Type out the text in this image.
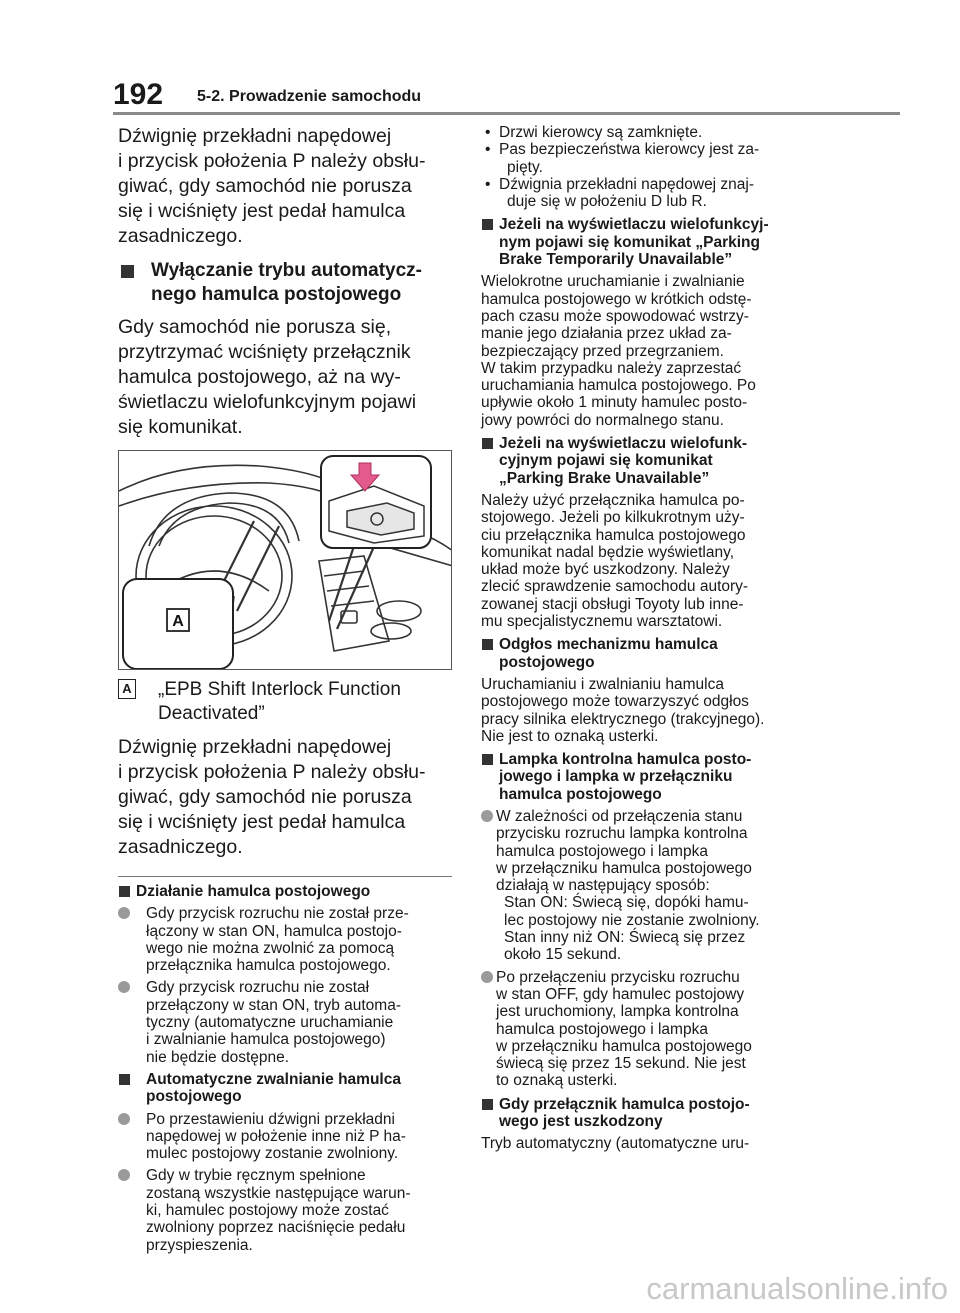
192 5-2. Prowadzenie samochodu
Dźwignię przekładni napędowej
i przycisk położenia P należy obsłu-
giwać, gdy samochód nie porusza
się i wciśnięty jest pedał hamulca
zasadniczego.
Wyłączanie trybu automatycz-
nego hamulca postojowego
Gdy samochód nie porusza się,
przytrzymać wciśnięty przełącznik
hamulca postojowego, aż na wy-
świetlaczu wielofunkcyjnym pojawi
się komunikat.
A
A „EPB Shift Interlock Function
Deactivated”
Dźwignię przekładni napędowej
i przycisk położenia P należy obsłu-
giwać, gdy samochód nie porusza
się i wciśnięty jest pedał hamulca
zasadniczego.
Działanie hamulca postojowego
Gdy przycisk rozruchu nie został prze-
łączony w stan ON, hamulca postojo-
wego nie można zwolnić za pomocą
przełącznika hamulca postojowego.
Gdy przycisk rozruchu nie został
przełączony w stan ON, tryb automa-
tyczny (automatyczne uruchamianie
i zwalnianie hamulca postojowego)
nie będzie dostępne.
Automatyczne zwalnianie hamulca
postojowego
Po przestawieniu dźwigni przekładni
napędowej w położenie inne niż P ha-
mulec postojowy zostanie zwolniony.
Gdy w trybie ręcznym spełnione
zostaną wszystkie następujące warun-
ki, hamulec postojowy może zostać
zwolniony poprzez naciśnięcie pedału
przyspieszenia.
• Drzwi kierowcy są zamknięte.
• Pas bezpieczeństwa kierowcy jest za-
pięty.
• Dźwignia przekładni napędowej znaj-
duje się w położeniu D lub R.
Jeżeli na wyświetlaczu wielofunkcyj-
nym pojawi się komunikat „Parking
Brake Temporarily Unavailable”
Wielokrotne uruchamianie i zwalnianie
hamulca postojowego w krótkich odstę-
pach czasu może spowodować wstrzy-
manie jego działania przez układ za-
bezpieczający przed przegrzaniem.
W takim przypadku należy zaprzestać
uruchamiania hamulca postojowego. Po
upływie około 1 minuty hamulec posto-
jowy powróci do normalnego stanu.
Jeżeli na wyświetlaczu wielofunk-
cyjnym pojawi się komunikat
„Parking Brake Unavailable”
Należy użyć przełącznika hamulca po-
stojowego. Jeżeli po kilkukrotnym uży-
ciu przełącznika hamulca postojowego
komunikat nadal będzie wyświetlany,
układ może być uszkodzony. Należy
zlecić sprawdzenie samochodu autory-
zowanej stacji obsługi Toyoty lub inne-
mu specjalistycznemu warsztatowi.
Odgłos mechanizmu hamulca
postojowego
Uruchamianiu i zwalnianiu hamulca
postojowego może towarzyszyć odgłos
pracy silnika elektrycznego (trakcyjnego).
Nie jest to oznaką usterki.
Lampka kontrolna hamulca posto-
jowego i lampka w przełączniku
hamulca postojowego
W zależności od przełączenia stanu
przycisku rozruchu lampka kontrolna
hamulca postojowego i lampka
w przełączniku hamulca postojowego
działają w następujący sposób:
Stan ON: Świecą się, dopóki hamu-
lec postojowy nie zostanie zwolniony.
Stan inny niż ON: Świecą się przez
około 15 sekund.
Po przełączeniu przycisku rozruchu
w stan OFF, gdy hamulec postojowy
jest uruchomiony, lampka kontrolna
hamulca postojowego i lampka
w przełączniku hamulca postojowego
świecą się przez 15 sekund. Nie jest
to oznaką usterki.
Gdy przełącznik hamulca postojo-
wego jest uszkodzony
Tryb automatyczny (automatyczne uru-
carmanualsonline.info
